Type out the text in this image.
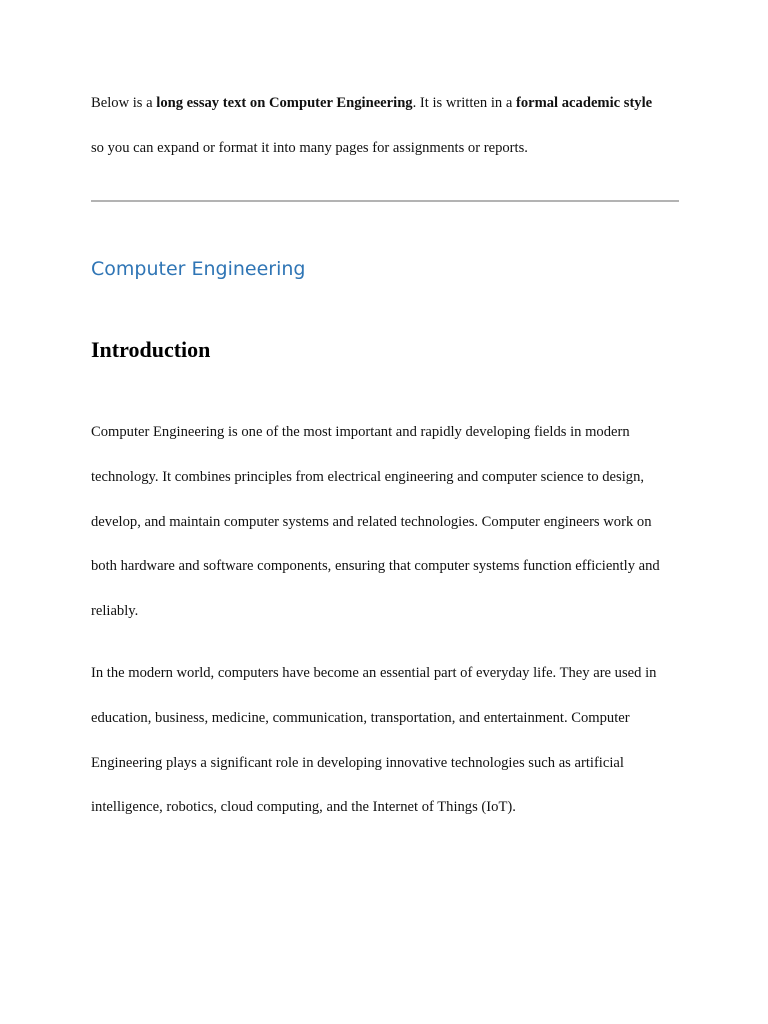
Below is a long essay text on Computer Engineering. It is written in a formal academic style
so you can expand or format it into many pages for assignments or reports.

Computer Engineering
Introduction

Computer Engineering is one of the most important and rapidly developing fields in modern
technology. It combines principles from electrical engineering and computer science to design,
develop, and maintain computer systems and related technologies. Computer engineers work on
both hardware and software components, ensuring that computer systems function efficiently and
reliably.

In the modern world, computers have become an essential part of everyday life. They are used in
education, business, medicine, communication, transportation, and entertainment. Computer
Engineering plays a significant role in developing innovative technologies such as artificial
intelligence, robotics, cloud computing, and the Internet of Things (IoT).
